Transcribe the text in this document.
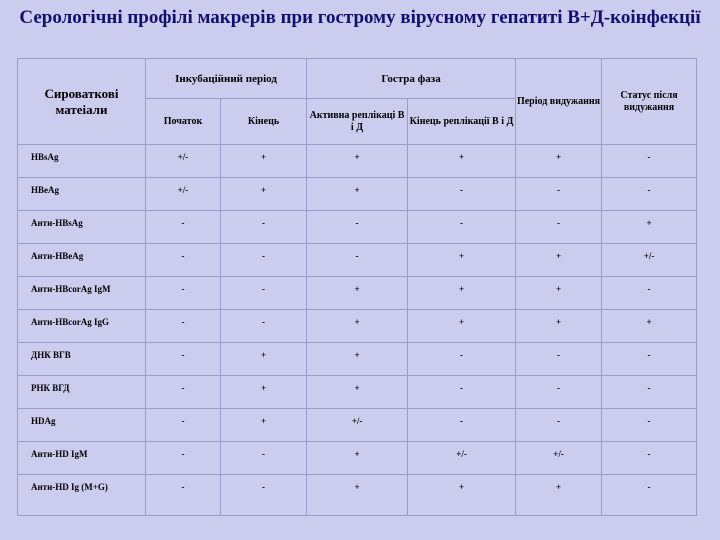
Серологічні профілі макрерів при гострому вірусному гепатиті В+Д-коінфекції
Сироваткові матеіали	Інкубаційний період		Гостра фаза		Період видужання	Статус після видужання
	Початок	Кінець	Активна реплікаці В і Д	Кінець реплікації В і Д		
HBsAg	+/-	+	+	+	+	-
HBeAg	+/-	+	+	-	-	-
Анти-HBsAg	-	-	-	-	-	+
Анти-HBeAg	-	-	-	+	+	+/-
Анти-HBcorAg IgM	-	-	+	+	+	-
Анти-HBcorAg IgG	-	-	+	+	+	+
ДНК ВГВ	-	+	+	-	-	-
РНК ВГД	-	+	+	-	-	-
HDAg	-	+	+/-	-	-	-
Анти-HD IgM	-	-	+	+/-	+/-	-
Анти-HD Ig (M+G)	-	-	+	+	+	-
